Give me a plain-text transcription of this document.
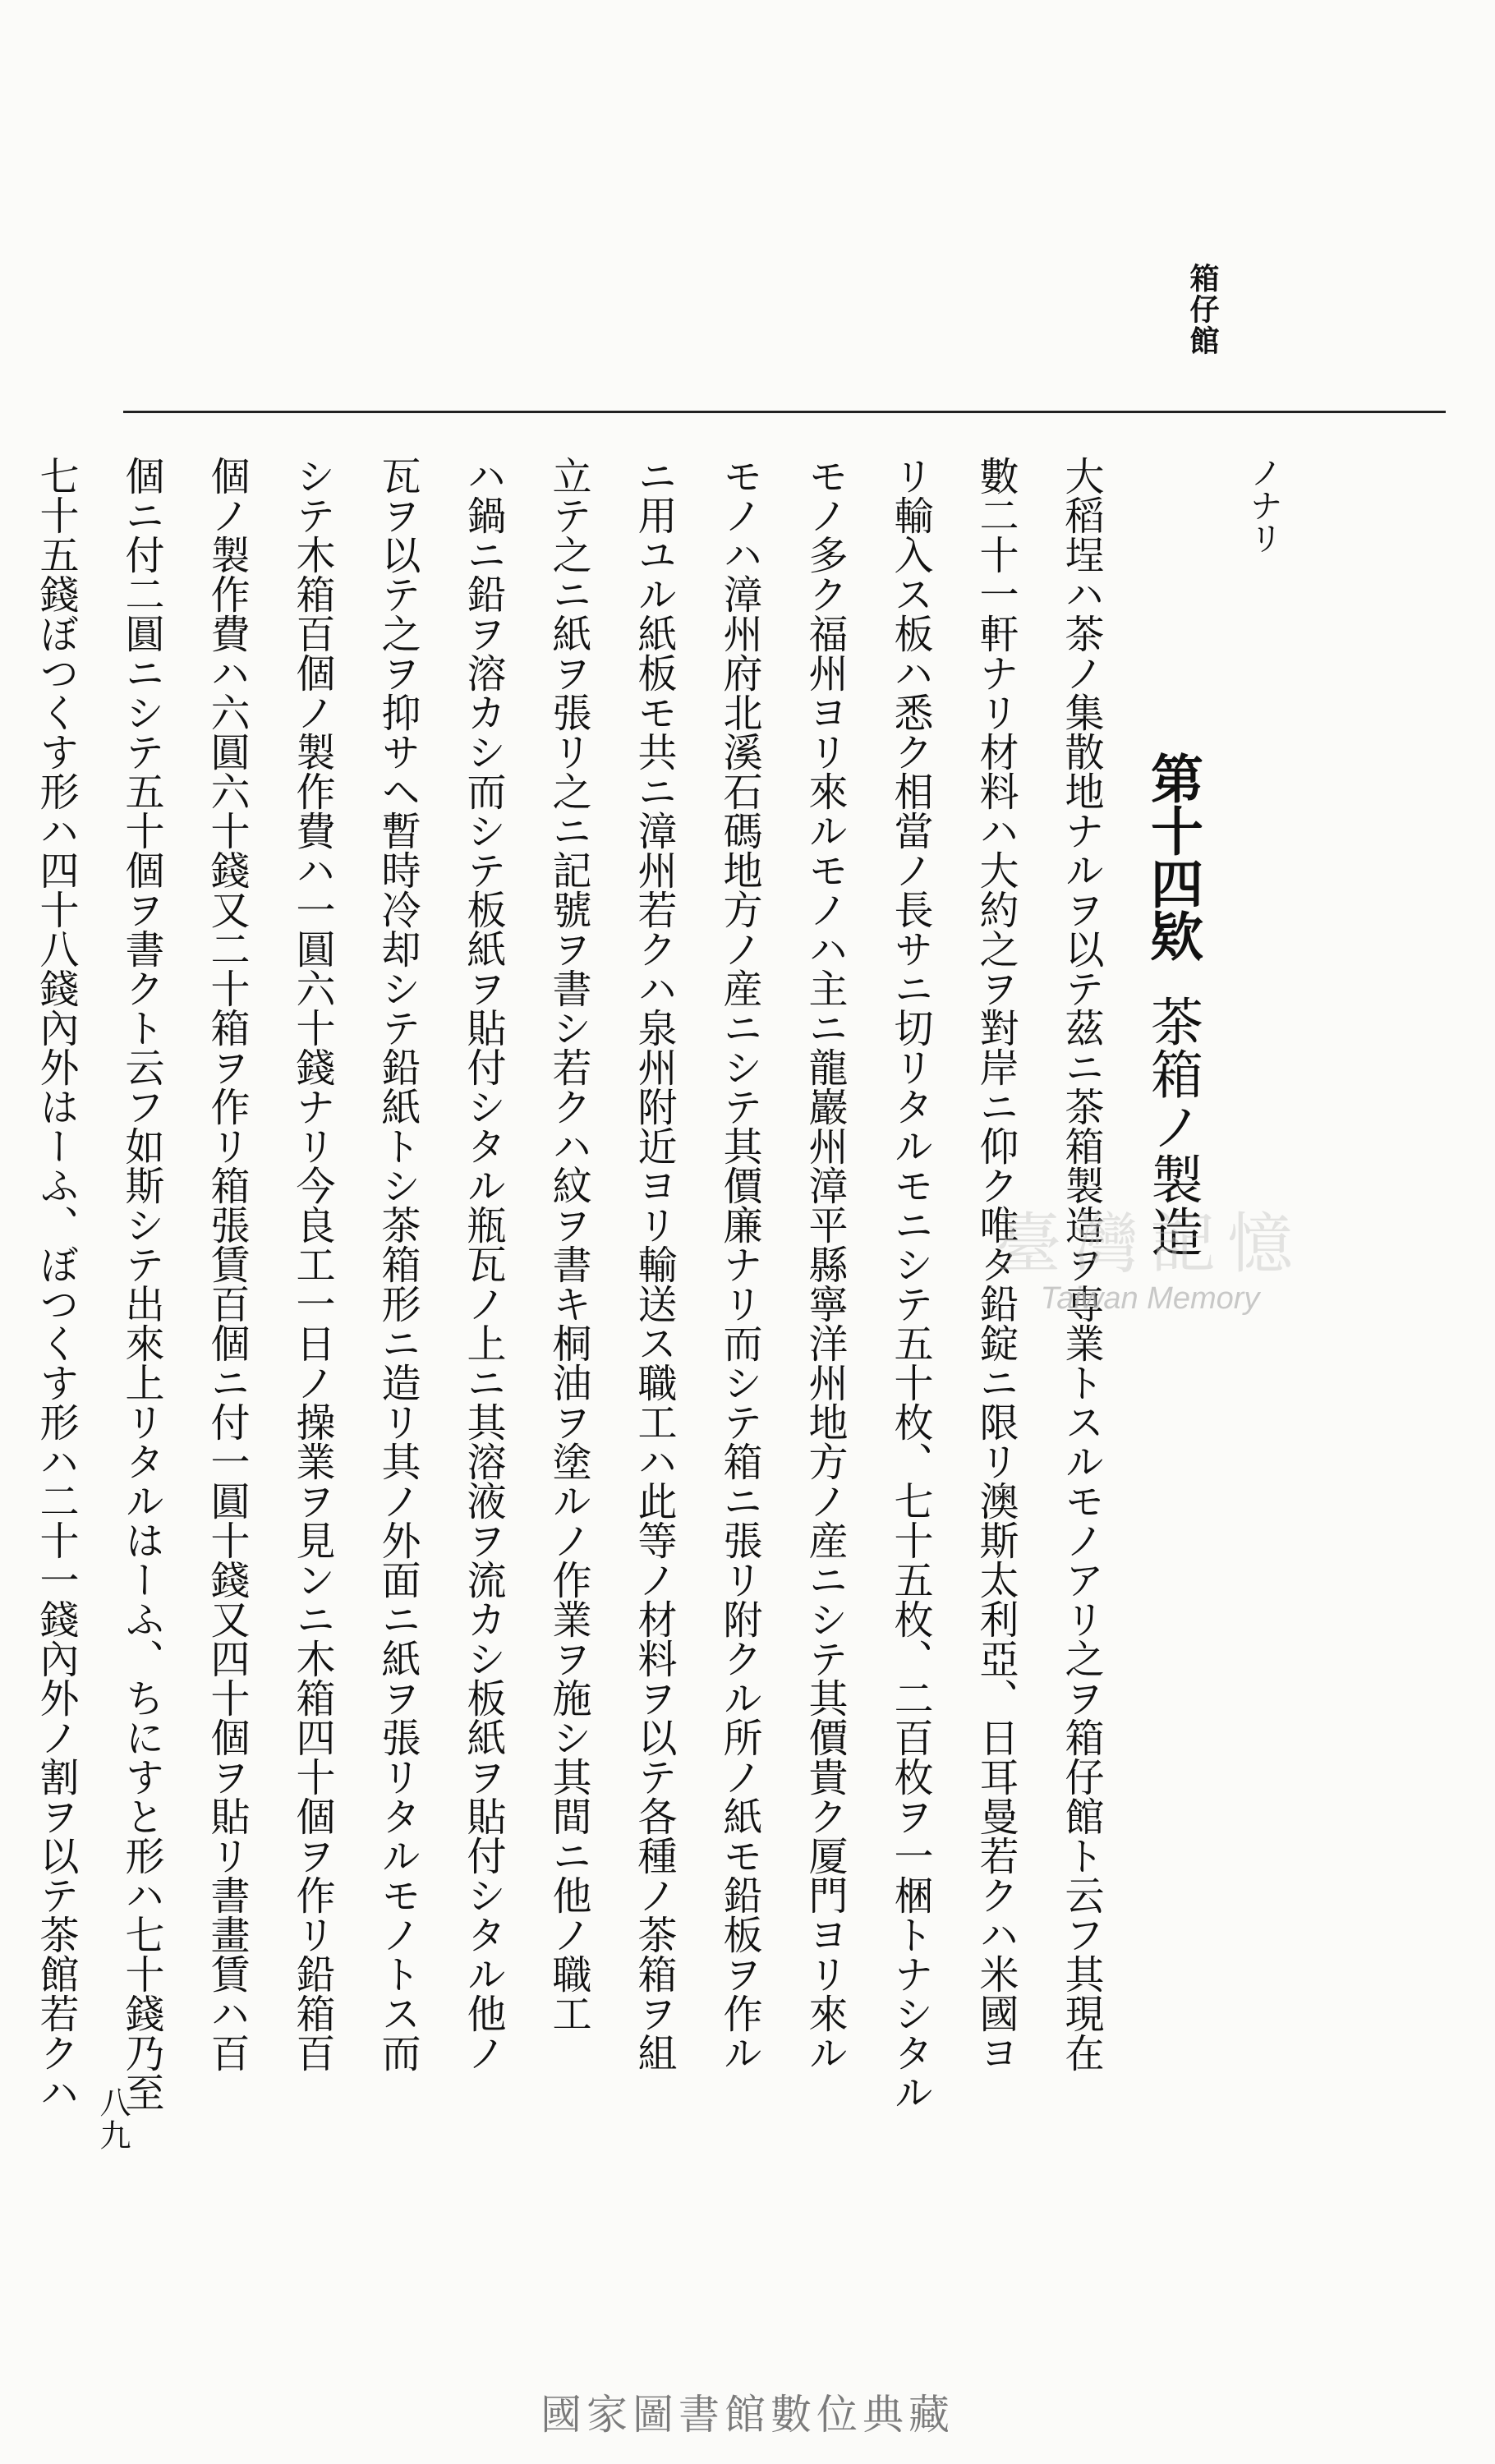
箱仔館
ノナリ
第十四欵茶箱ノ製造
大稻埕ハ茶ノ集散地ナルヲ以テ茲ニ茶箱製造ヲ専業トスルモノアリ之ヲ箱仔館ト云フ其現在
數二十一軒ナリ材料ハ大約之ヲ對岸ニ仰ク唯タ鉛錠ニ限リ澳斯太利亞、日耳曼若クハ米國ヨ
リ輸入ス板ハ悉ク相當ノ長サニ切リタルモニシテ五十枚、七十五枚、二百枚ヲ一梱トナシタル
モノ多ク福州ヨリ來ルモノハ主ニ龍巖州漳平縣寧洋州地方ノ産ニシテ其價貴ク厦門ヨリ來ル
モノハ漳州府北溪石碼地方ノ産ニシテ其價廉ナリ而シテ箱ニ張リ附クル所ノ紙モ鉛板ヲ作ル
ニ用ユル紙板モ共ニ漳州若クハ泉州附近ヨリ輸送ス職工ハ此等ノ材料ヲ以テ各種ノ茶箱ヲ組
立テ之ニ紙ヲ張リ之ニ記號ヲ書シ若クハ紋ヲ書キ桐油ヲ塗ルノ作業ヲ施シ其間ニ他ノ職工
ハ鍋ニ鉛ヲ溶カシ而シテ板紙ヲ貼付シタル瓶瓦ノ上ニ其溶液ヲ流カシ板紙ヲ貼付シタル他ノ
瓦ヲ以テ之ヲ抑サヘ暫時冷却シテ鉛紙トシ茶箱形ニ造リ其ノ外面ニ紙ヲ張リタルモノトス而
シテ木箱百個ノ製作費ハ一圓六十錢ナリ今良工一日ノ操業ヲ見ンニ木箱四十個ヲ作リ鉛箱百
個ノ製作費ハ六圓六十錢又二十箱ヲ作リ箱張賃百個ニ付一圓十錢又四十個ヲ貼リ書畫賃ハ百
個ニ付二圓ニシテ五十個ヲ書クト云フ如斯シテ出來上リタルはーふ、ちにすと形ハ七十錢乃至
七十五錢ぼつくす形ハ四十八錢內外はーふ、ぼつくす形ハ二十一錢內外ノ割ヲ以テ茶館若クハ
八九
臺灣記憶
Taiwan Memory
國家圖書館數位典藏
